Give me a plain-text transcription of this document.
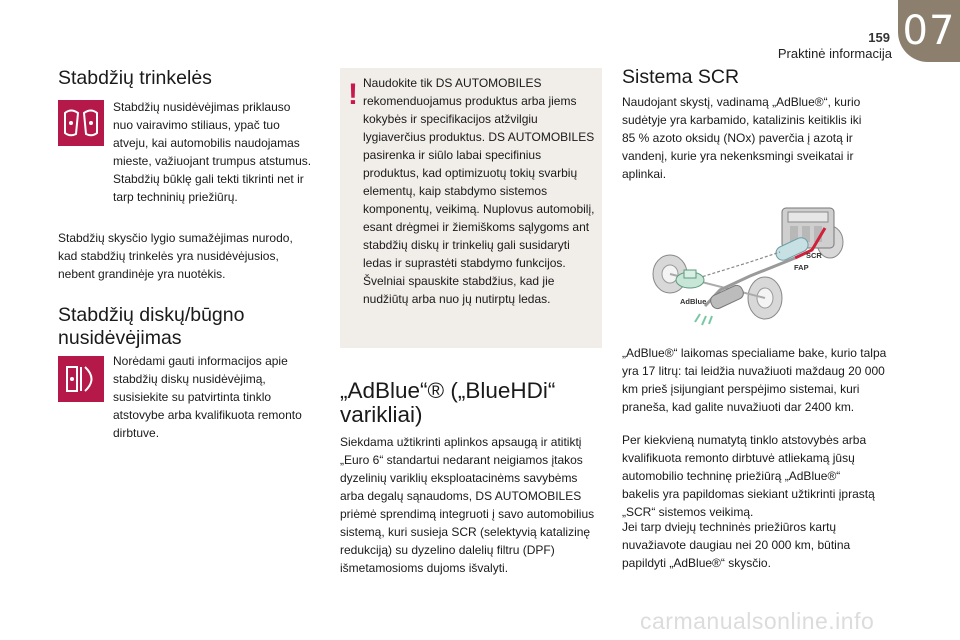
159
Praktinė informacija 07
Stabdžių trinkelės
Stabdžių nusidėvėjimas priklauso nuo vairavimo stiliaus, ypač tuo atveju, kai automobilis naudojamas mieste, važiuojant trumpus atstumus. Stabdžių būklę gali tekti tikrinti net ir tarp techninių priežiūrų.
Stabdžių skysčio lygio sumažėjimas nurodo, kad stabdžių trinkelės yra nusidėvėjusios, nebent grandinėje yra nuotėkis.
Stabdžių diskų/būgno
nusidėvėjimas
Norėdami gauti informacijos apie stabdžių diskų nusidėvėjimą, susisiekite su patvirtinta tinklo atstovybe arba kvalifikuota remonto dirbtuve.
! Naudokite tik DS AUTOMOBILES rekomenduojamus produktus arba jiems kokybės ir specifikacijos atžvilgiu lygiaverčius produktus. DS AUTOMOBILES pasirenka ir siūlo labai specifinius produktus, kad optimizuotų tokių svarbių elementų, kaip stabdymo sistemos komponentų, veikimą. Nuplovus automobilį, esant drėgmei ir žiemiškoms sąlygoms ant stabdžių diskų ir trinkelių gali susidaryti ledas ir suprastėti stabdymo funkcijos. Švelniai spauskite stabdžius, kad jie nudžiūtų arba nuo jų nutirptų ledas.
„AdBlue“® („BlueHDi“
varikliai)
Siekdama užtikrinti aplinkos apsaugą ir atitiktį „Euro 6“ standartui nedarant neigiamos įtakos dyzelinių variklių eksploatacinėms savybėms arba degalų sąnaudoms, DS AUTOMOBILES priėmė sprendimą integruoti į savo automobilius sistemą, kuri susieja SCR (selektyvią katalizinę redukciją) su dyzelino dalelių filtru (DPF) išmetamosioms dujoms išvalyti.
Sistema SCR
Naudojant skystį, vadinamą „AdBlue®“, kurio sudėtyje yra karbamido, katalizinis keitiklis iki 85 % azoto oksidų (NOx) paverčia į azotą ir vandenį, kurie yra nekenksmingi sveikatai ir aplinkai.
SCR
FAP
AdBlue
„AdBlue®“ laikomas specialiame bake, kurio talpa yra 17 litrų: tai leidžia nuvažiuoti maždaug 20 000 km prieš įsijungiant perspėjimo sistemai, kuri praneša, kad galite nuvažiuoti dar 2400 km.
Per kiekvieną numatytą tinklo atstovybės arba kvalifikuota remonto dirbtuvė atliekamą jūsų automobilio techninę priežiūrą „AdBlue®“ bakelis yra papildomas siekiant užtikrinti įprastą „SCR“ sistemos veikimą.
Jei tarp dviejų techninės priežiūros kartų nuvažiavote daugiau nei 20 000 km, būtina papildyti „AdBlue®“ skysčio.
carmanualsonline.info
